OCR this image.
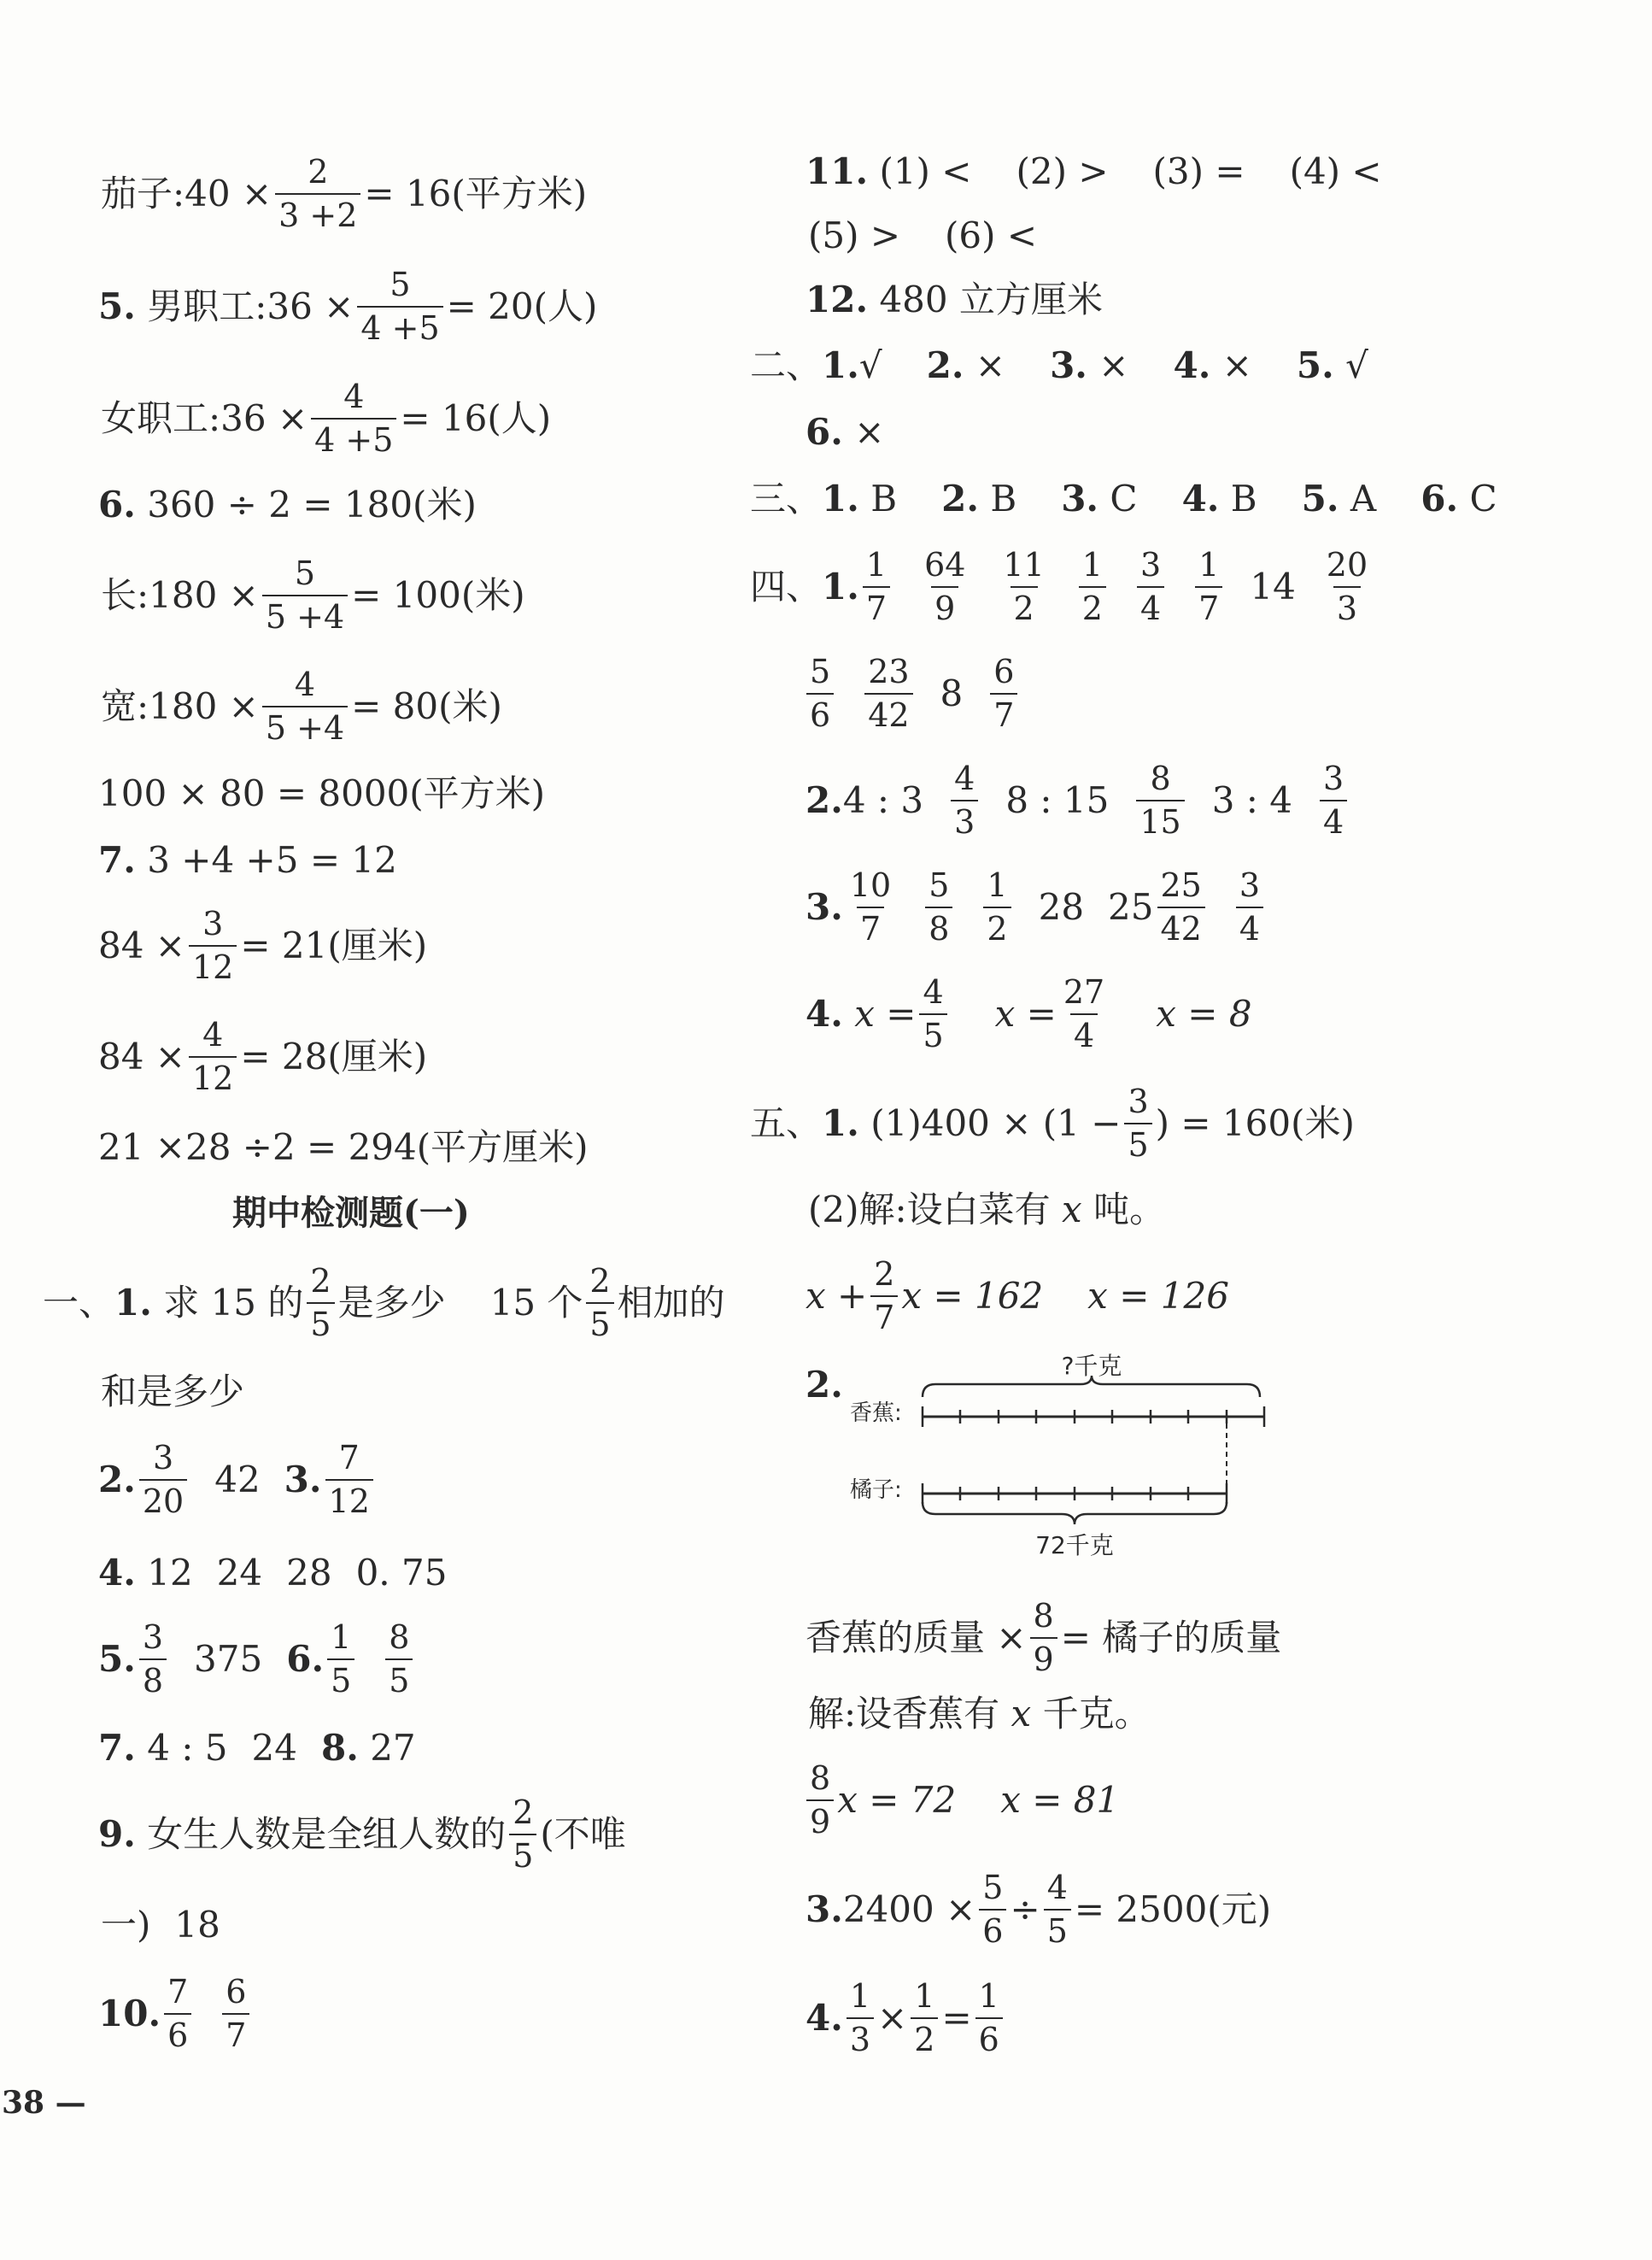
茄子:40 × $\frac{2}{3 +2} = 16$(平方米)
5.
男职工:36 × $\frac{5}{4 +5} = 20$(人)
女职工:36 × $\frac{4}{4 +5} = 16$(人)
6.
360 ÷ 2 = 180(米)
长:180 × $\frac{5}{5 +4} = 100$(米)
宽:180 × $\frac{4}{5 +4} = 80$(米)
100 × 80 = 8000(平方米)
7.
3 +4 +5 = 12
$84 \times \frac{3}{12} = 21$(厘米)
$84 \times \frac{4}{12} = 28$(厘米)
21 ×28 ÷2 = 294(平方厘米)
期中检测题(一)
一、 1.
求 15 的 $\frac{2}{5}$ 是多少 15 个 $\frac{2}{5}$ 相加的
和是多少
2. $\frac{3}{20} 42$ 3. $\frac{7}{12}$
4.
12 24 28 0. 75
5. $\frac{3}{8} 375$ 6. $\frac{1}{5} \frac{8}{5}$
7.
4 : 5 24 8.
27
9.
女生人数是全组人数的 $\frac{2}{5}$ (不唯
一) 18
10. $\frac{7}{6} \frac{6}{7}$
38 —
11.
(1) < (2) > (3) = (4) <
(5) > (6) <
12.
480 立方厘米
二、 1. √ 2.
× 3.
× 4.
× 5.
√
6.
×
三、 1.
B 2.
B 3.
C 4.
B 5.
A 6.
C
四、 1. $\frac{1}{7} \frac{64}{9} \frac{11}{2} \frac{1}{2} \frac{3}{4} \frac{1}{7} 14 \frac{20}{3}$
$\frac{5}{6} \frac{23}{42} 8 \frac{6}{7}$
2. 4 : $3 \frac{4}{3} 8$ : $15 \frac{8}{15} 3$ : $4 \frac{3}{4}$
3. $\frac{10}{7} \frac{5}{8} \frac{1}{2} 28$ $25 \frac{25}{42} \frac{3}{4}$
4.
$x = \frac{4}{5}$ $x = \frac{27}{4}$ x = 8
五、 1.
$(1)400 \times (1 - \frac{3}{5}$ ) = 160(米)
(2)解:设白菜有
x
吨。
$x + \frac{2}{7}$ x = 162 x = 126
2.	?千克
香蕉:
橘子:
72千克
香蕉的质量 × $\frac{8}{9}$ = 橘子的质量
解:设香蕉有
x
千克。
$\frac{8}{9}$ x = 72 x = 81
3. $2400 \times \frac{5}{6} \div \frac{4}{5} = 2500$(元)
4. $\frac{1}{3} \times \frac{1}{2} = \frac{1}{6}$
